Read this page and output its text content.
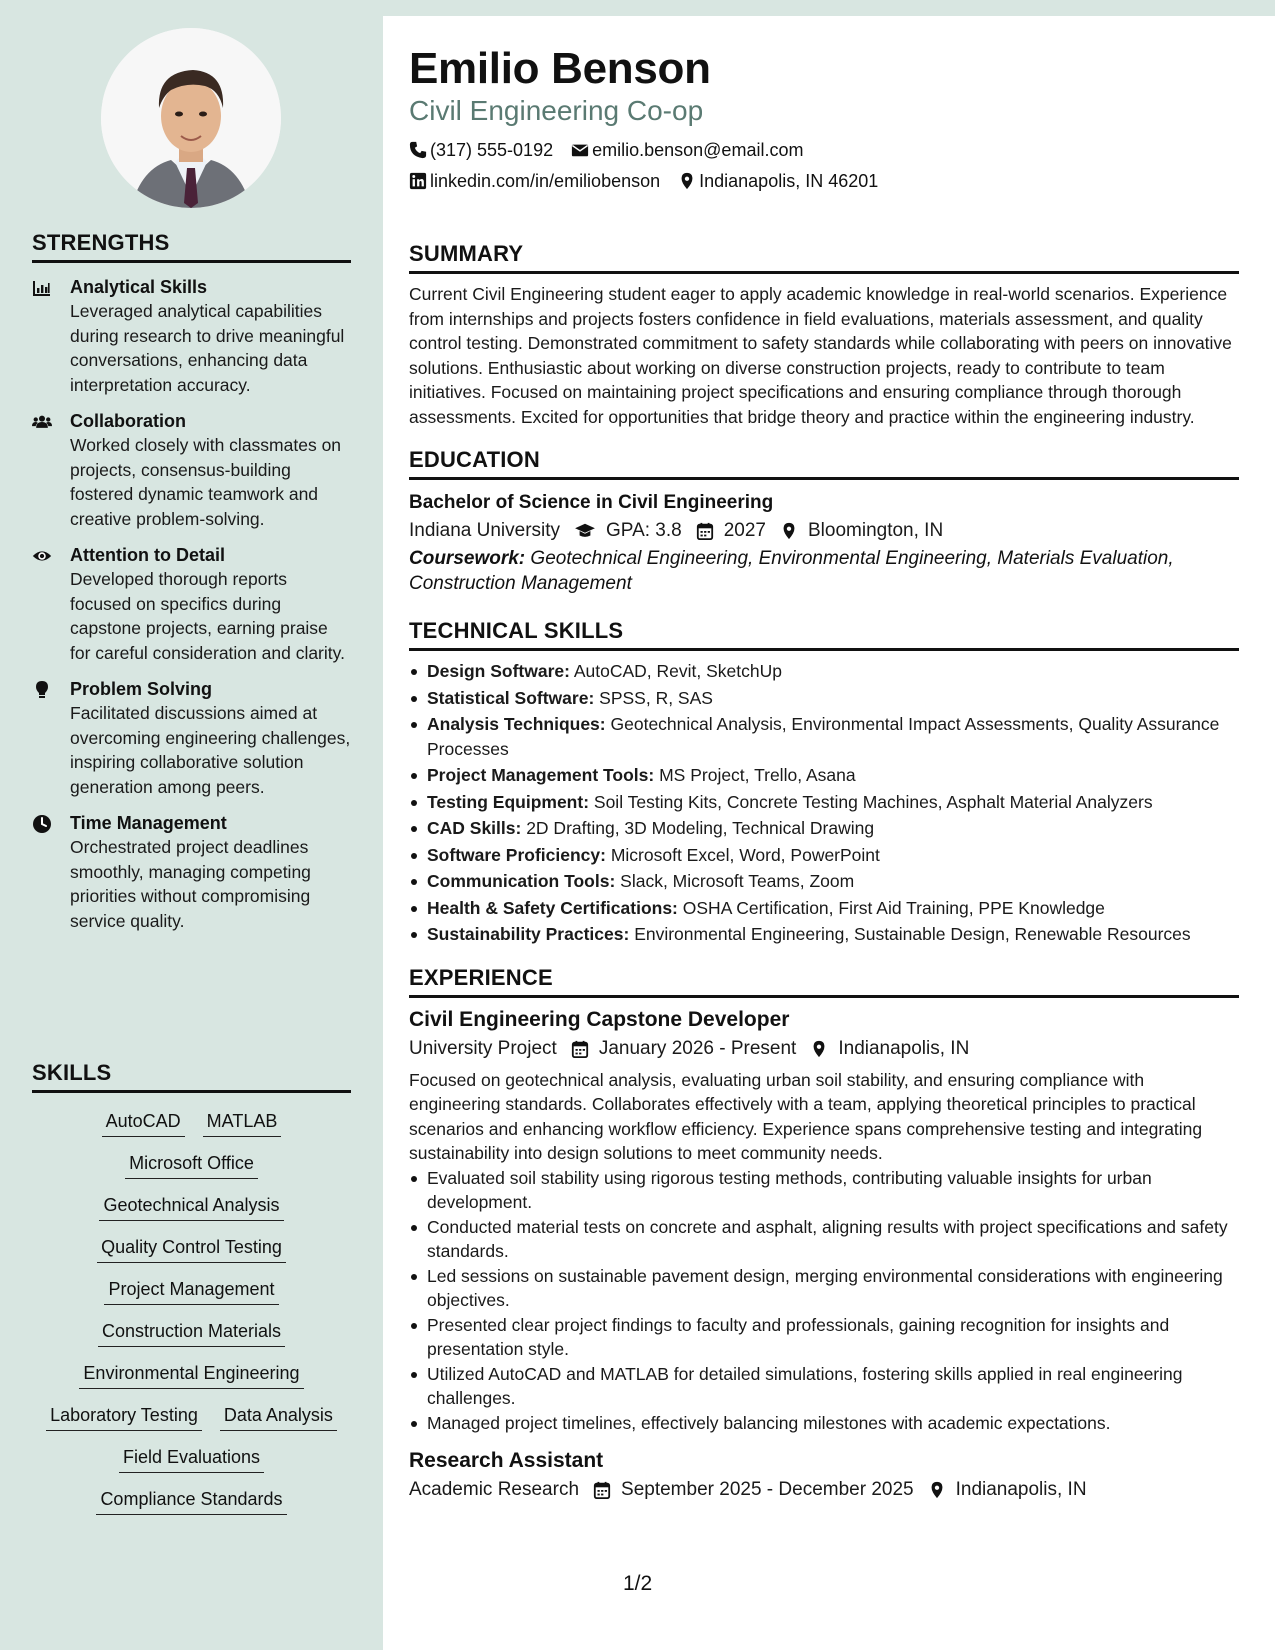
STRENGTHS
Analytical Skills
Leveraged analytical capabilities during research to drive meaningful conversations, enhancing data interpretation accuracy.
Collaboration
Worked closely with classmates on projects, consensus-building fostered dynamic teamwork and creative problem-solving.
Attention to Detail
Developed thorough reports focused on specifics during capstone projects, earning praise for careful consideration and clarity.
Problem Solving
Facilitated discussions aimed at overcoming engineering challenges, inspiring collaborative solution generation among peers.
Time Management
Orchestrated project deadlines smoothly, managing competing priorities without compromising service quality.
SKILLS
AutoCAD MATLAB
Microsoft Office
Geotechnical Analysis
Quality Control Testing
Project Management
Construction Materials
Environmental Engineering
Laboratory Testing Data Analysis
Field Evaluations
Compliance Standards
Emilio Benson
Civil Engineering Co-op
(317) 555-0192 emilio.benson@email.com
linkedin.com/in/emiliobenson Indianapolis, IN 46201
SUMMARY
Current Civil Engineering student eager to apply academic knowledge in real-world scenarios. Experience from internships and projects fosters confidence in field evaluations, materials assessment, and quality control testing. Demonstrated commitment to safety standards while collaborating with peers on innovative solutions. Enthusiastic about working on diverse construction projects, ready to contribute to team initiatives. Focused on maintaining project specifications and ensuring compliance through thorough assessments. Excited for opportunities that bridge theory and practice within the engineering industry.
EDUCATION
Bachelor of Science in Civil Engineering
Indiana University GPA: 3.8 2027 Bloomington, IN
Coursework: Geotechnical Engineering, Environmental Engineering, Materials Evaluation, Construction Management
TECHNICAL SKILLS
Design Software: AutoCAD, Revit, SketchUp
Statistical Software: SPSS, R, SAS
Analysis Techniques: Geotechnical Analysis, Environmental Impact Assessments, Quality Assurance Processes
Project Management Tools: MS Project, Trello, Asana
Testing Equipment: Soil Testing Kits, Concrete Testing Machines, Asphalt Material Analyzers
CAD Skills: 2D Drafting, 3D Modeling, Technical Drawing
Software Proficiency: Microsoft Excel, Word, PowerPoint
Communication Tools: Slack, Microsoft Teams, Zoom
Health & Safety Certifications: OSHA Certification, First Aid Training, PPE Knowledge
Sustainability Practices: Environmental Engineering, Sustainable Design, Renewable Resources
EXPERIENCE
Civil Engineering Capstone Developer
University Project January 2026 - Present Indianapolis, IN
Focused on geotechnical analysis, evaluating urban soil stability, and ensuring compliance with engineering standards. Collaborates effectively with a team, applying theoretical principles to practical scenarios and enhancing workflow efficiency. Experience spans comprehensive testing and integrating sustainability into design solutions to meet community needs.
Evaluated soil stability using rigorous testing methods, contributing valuable insights for urban development.
Conducted material tests on concrete and asphalt, aligning results with project specifications and safety standards.
Led sessions on sustainable pavement design, merging environmental considerations with engineering objectives.
Presented clear project findings to faculty and professionals, gaining recognition for insights and presentation style.
Utilized AutoCAD and MATLAB for detailed simulations, fostering skills applied in real engineering challenges.
Managed project timelines, effectively balancing milestones with academic expectations.
Research Assistant
Academic Research September 2025 - December 2025 Indianapolis, IN
1/2
